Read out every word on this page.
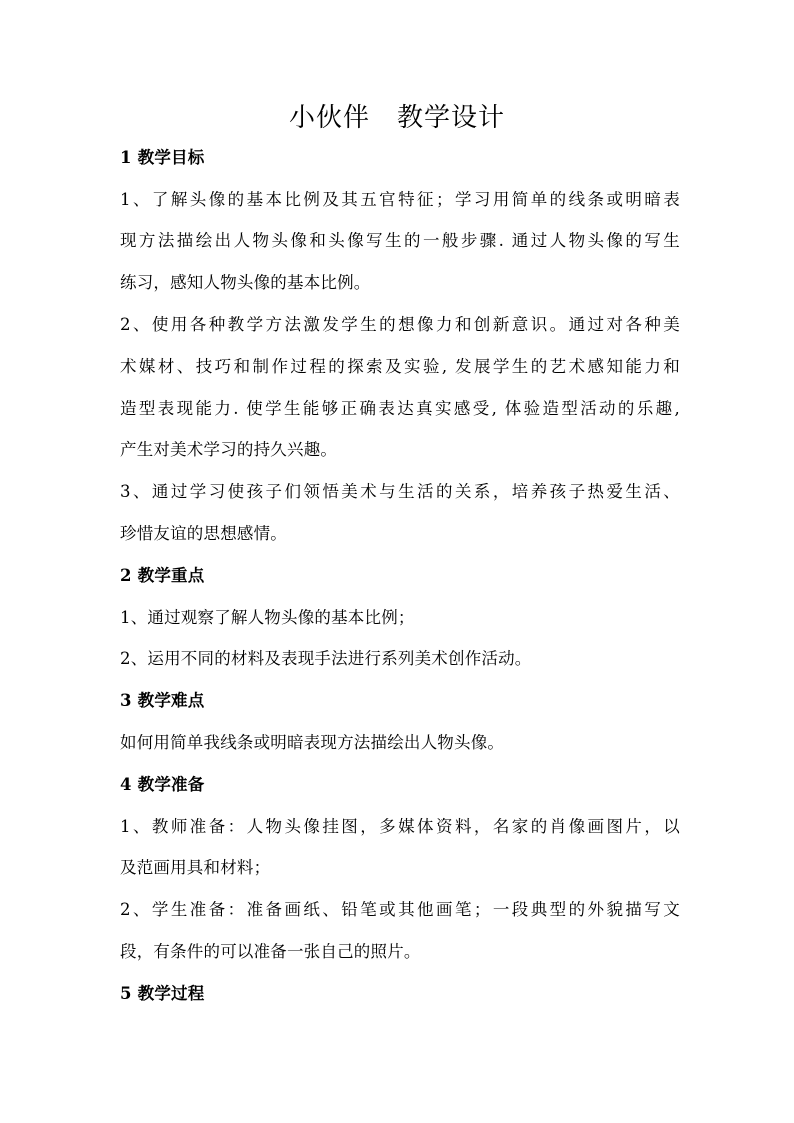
小伙伴　教学设计
1 教学目标
1、了解头像的基本比例及其五官特征；学习用简单的线条或明暗表
现方法描绘出人物头像和头像写生的一般步骤. 通过人物头像的写生
练习，感知人物头像的基本比例。
2、使用各种教学方法激发学生的想像力和创新意识。通过对各种美
术媒材、技巧和制作过程的探索及实验, 发展学生的艺术感知能力和
造型表现能力. 使学生能够正确表达真实感受, 体验造型活动的乐趣,
产生对美术学习的持久兴趣。
3、通过学习使孩子们领悟美术与生活的关系，培养孩子热爱生活、
珍惜友谊的思想感情。
2 教学重点
1、通过观察了解人物头像的基本比例；
2、运用不同的材料及表现手法进行系列美术创作活动。
3 教学难点
如何用简单我线条或明暗表现方法描绘出人物头像。
4 教学准备
1、教师准备：人物头像挂图，多媒体资料，名家的肖像画图片，以
及范画用具和材料；
2、学生准备：准备画纸、铅笔或其他画笔；一段典型的外貌描写文
段，有条件的可以准备一张自己的照片。
5 教学过程
